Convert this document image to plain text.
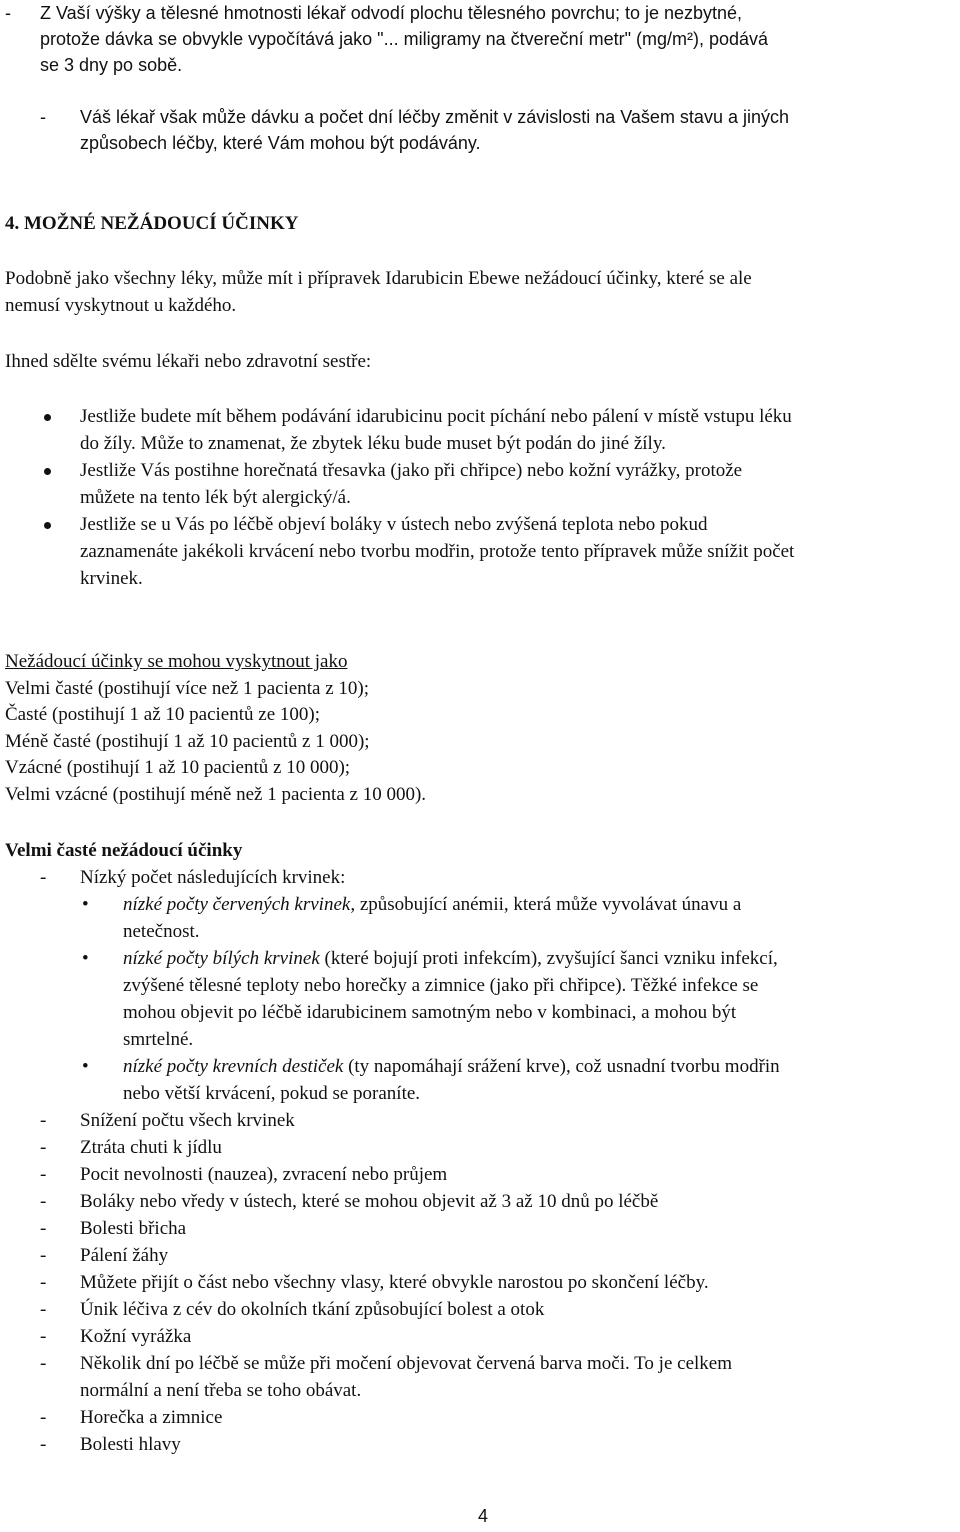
-	Z Vaší výšky a tělesné hmotnosti lékař odvodí plochu tělesného povrchu; to je nezbytné,
protože dávka se obvykle vypočítává jako "... miligramy na čtvereční metr" (mg/m²), podává
se 3 dny po sobě.
-	Váš lékař však může dávku a počet dní léčby změnit v závislosti na Vašem stavu a jiných
způsobech léčby, které Vám mohou být podávány.
4. MOŽNÉ NEŽÁDOUCÍ ÚČINKY
Podobně jako všechny léky, může mít i přípravek Idarubicin Ebewe nežádoucí účinky, které se ale
nemusí vyskytnout u každého.
Ihned sdělte svému lékaři nebo zdravotní sestře:
Jestliže budete mít během podávání idarubicinu pocit píchání nebo pálení v místě vstupu léku
do žíly. Může to znamenat, že zbytek léku bude muset být podán do jiné žíly.
Jestliže Vás postihne horečnatá třesavka (jako při chřipce) nebo kožní vyrážky, protože
můžete na tento lék být alergický/á.
Jestliže se u Vás po léčbě objeví boláky v ústech nebo zvýšená teplota nebo pokud
zaznamenáte jakékoli krvácení nebo tvorbu modřin, protože tento přípravek může snížit počet
krvinek.
Nežádoucí účinky se mohou vyskytnout jako
Velmi časté (postihují více než 1 pacienta z 10);
Časté (postihují 1 až 10 pacientů ze 100);
Méně časté (postihují 1 až 10 pacientů z 1 000);
Vzácné (postihují 1 až 10 pacientů z 10 000);
Velmi vzácné (postihují méně než 1 pacienta z 10 000).
Velmi časté nežádoucí účinky
-	Nízký počet následujících krvinek:
• nízké počty červených krvinek, způsobující anémii, která může vyvolávat únavu a
netečnost.
• nízké počty bílých krvinek (které bojují proti infekcím), zvyšující šanci vzniku infekcí,
zvýšené tělesné teploty nebo horečky a zimnice (jako při chřipce). Těžké infekce se
mohou objevit po léčbě idarubicinem samotným nebo v kombinaci, a mohou být
smrtelné.
• nízké počty krevních destiček (ty napomáhají srážení krve), což usnadní tvorbu modřin
nebo větší krvácení, pokud se poraníte.
-	Snížení počtu všech krvinek
-	Ztráta chuti k jídlu
-	Pocit nevolnosti (nauzea), zvracení nebo průjem
-	Boláky nebo vředy v ústech, které se mohou objevit až 3 až 10 dnů po léčbě
-	Bolesti břicha
-	Pálení žáhy
-	Můžete přijít o část nebo všechny vlasy, které obvykle narostou po skončení léčby.
-	Únik léčiva z cév do okolních tkání způsobující bolest a otok
-	Kožní vyrážka
-	Několik dní po léčbě se může při močení objevovat červená barva moči. To je celkem
normální a není třeba se toho obávat.
-	Horečka a zimnice
-	Bolesti hlavy
4
